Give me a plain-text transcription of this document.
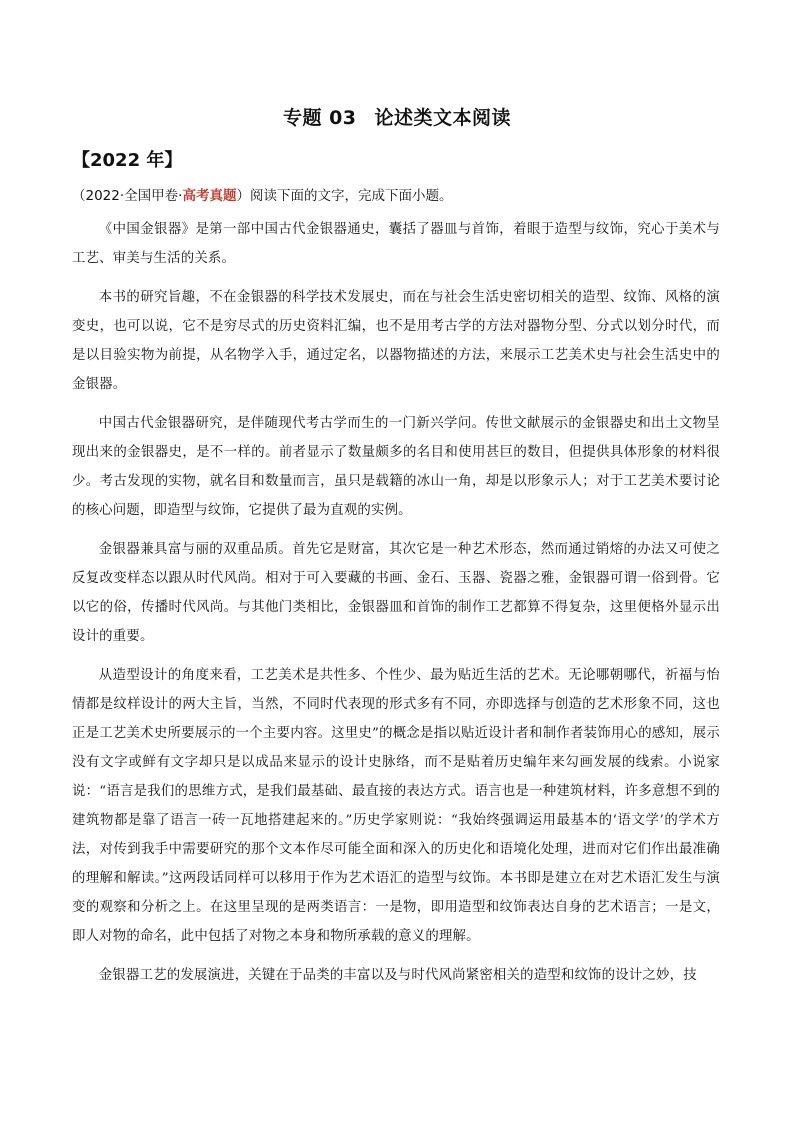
专题 03 论述类文本阅读
【2022 年】

（2022·全国甲卷·高考真题）阅读下面的文字，完成下面小题。

《中国金银器》是第一部中国古代金银器通史，囊括了器皿与首饰，着眼于造型与纹饰，究心于美术与工艺、审美与生活的关系。

本书的研究旨趣，不在金银器的科学技术发展史，而在与社会生活史密切相关的造型、纹饰、风格的演变史，也可以说，它不是穷尽式的历史资料汇编，也不是用考古学的方法对器物分型、分式以划分时代，而是以目验实物为前提，从名物学入手，通过定名，以器物描述的方法，来展示工艺美术史与社会生活史中的金银器。

中国古代金银器研究，是伴随现代考古学而生的一门新兴学问。传世文献展示的金银器史和出土文物呈现出来的金银器史，是不一样的。前者显示了数量颇多的名目和使用甚巨的数目，但提供具体形象的材料很少。考古发现的实物，就名目和数量而言，虽只是载籍的冰山一角，却是以形象示人；对于工艺美术要讨论的核心问题，即造型与纹饰，它提供了最为直观的实例。

金银器兼具富与丽的双重品质。首先它是财富，其次它是一种艺术形态，然而通过销熔的办法又可使之反复改变样态以跟从时代风尚。相对于可入要藏的书画、金石、玉器、瓷器之雅，金银器可谓一俗到骨。它以它的俗，传播时代风尚。与其他门类相比，金银器皿和首饰的制作工艺都算不得复杂，这里便格外显示出设计的重要。

从造型设计的角度来看，工艺美术是共性多、个性少、最为贴近生活的艺术。无论哪朝哪代，祈福与怡情都是纹样设计的两大主旨，当然，不同时代表现的形式多有不同，亦即选择与创造的艺术形象不同，这也正是工艺美术史所要展示的一个主要内容。这里史”的概念是指以贴近设计者和制作者装饰用心的感知，展示没有文字或鲜有文字却只是以成品来显示的设计史脉络，而不是贴着历史编年来勾画发展的线索。小说家说：“语言是我们的思维方式，是我们最基础、最直接的表达方式。语言也是一种建筑材料，许多意想不到的建筑物都是靠了语言一砖一瓦地搭建起来的。”历史学家则说：“我始终强调运用最基本的‘语文学’的学术方法，对传到我手中需要研究的那个文本作尽可能全面和深入的历史化和语境化处理，进而对它们作出最准确的理解和解读。”这两段话同样可以移用于作为艺术语汇的造型与纹饰。本书即是建立在对艺术语汇发生与演变的观察和分析之上。在这里呈现的是两类语言：一是物，即用造型和纹饰表达自身的艺术语言；一是文，即人对物的命名，此中包括了对物之本身和物所承载的意义的理解。

金银器工艺的发展演进，关键在于品类的丰富以及与时代风尚紧密相关的造型和纹饰的设计之妙，技
